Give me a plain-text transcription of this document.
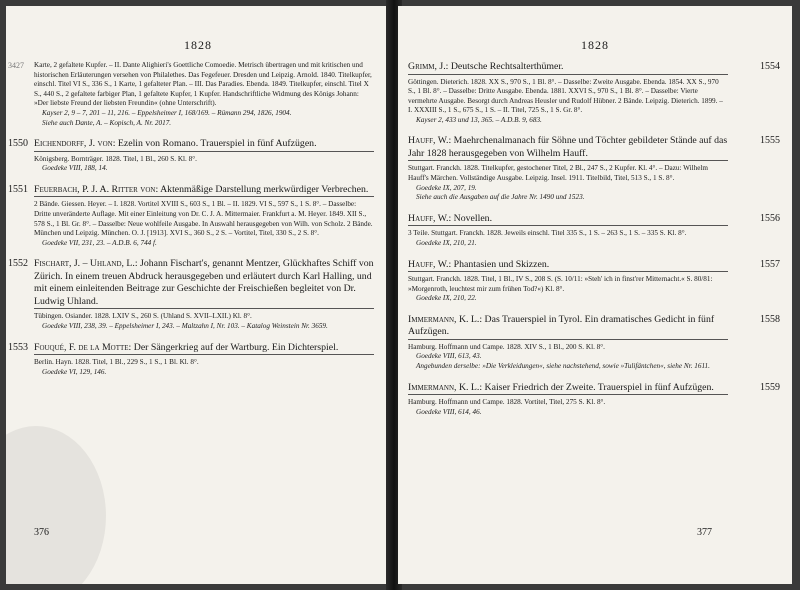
1828
3427 Karte, 2 gefaltete Kupfer. – II. Dante Alighieri's Goettliche Comoedie. Metrisch übertragen und mit kritischen und historischen Erläuterungen versehen von Philalethes. Das Fegefeuer. Dresden und Leipzig. Arnold. 1840. Titelkupfer, einschl. Titel VI S., 336 S., 1 Karte, 1 gefalteter Plan. – III. Das Paradies. Ebenda. 1849. Titelkupfer, einschl. Titel X S., 440 S., 2 gefaltete farbiger Plan, 1 gefaltete Kupfer, 1 Kupfer. Handschriftliche Widmung des Königs Johann: »Der liebste Freund der liebsten Freundin« (ohne Unterschrift).

Kayser 2, 9 – 7, 201 – 11, 216. – Eppelsheimer I, 168/169. – Rümann 294, 1826, 1904.

Siehe auch Dante, A. – Kopisch, A. Nr. 2017.

1550 Eichendorff, J. von: Ezelin von Romano. Trauerspiel in fünf Aufzügen.

Königsberg. Bornträger. 1828. Titel, 1 Bl., 260 S. Kl. 8°.

Goedeke VIII, 188, 14.

1551 Feuerbach, P. J. A. Ritter von: Aktenmäßige Darstellung merkwürdiger Verbrechen.

2 Bände. Giessen. Heyer. – I. 1828. Vortitel XVIII S., 603 S., 1 Bl. – II. 1829. VI S., 597 S., 1 S. 8°. – Dasselbe: Dritte unveränderte Auflage. Mit einer Einleitung von Dr. C. J. A. Mittermaier. Frankfurt a. M. Heyer. 1849. XII S., 578 S., 1 Bl. Gr. 8°. – Dasselbe: Neue wohlfeile Ausgabe. In Auswahl herausgegeben von Wilh. von Scholz. 2 Bände. München und Leipzig. München. O. J. [1913]. XVI S., 360 S., 2 S. – Vortitel, Titel, 330 S., 2 S. 8°.

Goedeke VII, 231, 23. – A.D.B. 6, 744 f.

1552 Fischart, J. – Uhland, L.: Johann Fischart's, genannt Mentzer, Glückhaftes Schiff von Zürich. In einem treuen Abdruck herausgegeben und erläutert durch Karl Halling, und mit einem einleitenden Beitrage zur Geschichte der Freischießen begleitet von Dr. Ludwig Uhland.

Tübingen. Osiander. 1828. LXIV S., 260 S. (Uhland S. XVII–LXII.) Kl. 8°.

Goedeke VIII, 238, 39. – Eppelsheimer I, 243. – Maltzahn I, Nr. 103. – Katalog Weinstein Nr. 3659.

1553 Fouqué, F. de la Motte: Der Sängerkrieg auf der Wartburg. Ein Dichterspiel.

Berlin. Hayn. 1828. Titel, 1 Bl., 229 S., 1 S., 1 Bl. Kl. 8°.

Goedeke VI, 129, 146.

376
1828
1554

Grimm, J.: Deutsche Rechtsalterthümer.

Göttingen. Dieterich. 1828. XX S., 970 S., 1 Bl. 8°. – Dasselbe: Zweite Ausgabe. Ebenda. 1854. XX S., 970 S., 1 Bl. 8°. – Dasselbe: Dritte Ausgabe. Ebenda. 1881. XXVI S., 970 S., 1 Bl. 8°. – Dasselbe: Vierte vermehrte Ausgabe. Besorgt durch Andreas Heusler und Rudolf Hübner. 2 Bände. Leipzig. Dieterich. 1899. – I. XXXIII S., 1 S., 675 S., 1 S. – II. Titel, 725 S., 1 S. Gr. 8°.

Kayser 2, 433 und 13, 365. – A.D.B. 9, 683.

1555

Hauff, W.: Maehrchenalmanach für Söhne und Töchter gebildeter Stände auf das Jahr 1828 herausgegeben von Wilhelm Hauff.

Stuttgart. Franckh. 1828. Titelkupfer, gestochener Titel, 2 Bl., 247 S., 2 Kupfer. Kl. 4°. – Dazu: Wilhelm Hauff's Märchen. Vollständige Ausgabe. Leipzig. Insel. 1911. Titelbild, Titel, 513 S., 1 S. 8°.

Goedeke IX, 207, 19.

Siehe auch die Ausgaben auf die Jahre Nr. 1490 und 1523.

1556

Hauff, W.: Novellen.

3 Teile. Stuttgart. Franckh. 1828. Jeweils einschl. Titel 335 S., 1 S. – 263 S., 1 S. – 335 S. Kl. 8°.

Goedeke IX, 210, 21.

1557

Hauff, W.: Phantasien und Skizzen.

Stuttgart. Franckh. 1828. Titel, 1 Bl., IV S., 208 S. (S. 10/11: »Steh' ich in finst'rer Mitternacht.« S. 80/81: »Morgenroth, leuchtest mir zum frühen Tod?«) Kl. 8°.

Goedeke IX, 210, 22.

1558

Immermann, K. L.: Das Trauerspiel in Tyrol. Ein dramatisches Gedicht in fünf Aufzügen.

Hamburg. Hoffmann und Campe. 1828. XIV S., 1 Bl., 200 S. Kl. 8°.

Goedeke VIII, 613, 43.

Angebunden derselbe: »Die Verkleidungen«, siehe nachstehend, sowie »Tulifäntchen«, siehe Nr. 1611.

1559

Immermann, K. L.: Kaiser Friedrich der Zweite. Trauerspiel in fünf Aufzügen.

Hamburg. Hoffmann und Campe. 1828. Vortitel, Titel, 275 S. Kl. 8°.

Goedeke VIII, 614, 46.

377
